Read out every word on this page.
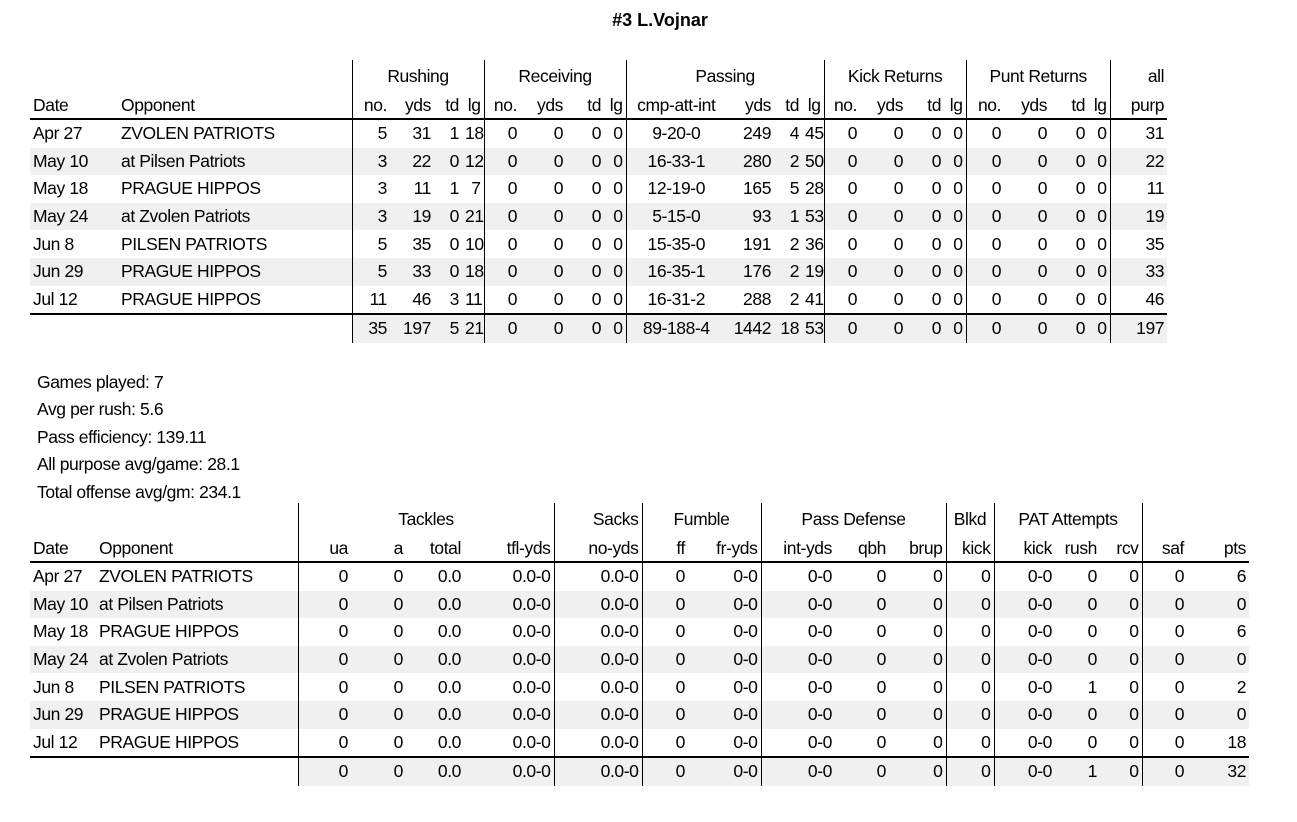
#3 L.Vojnar
		Rushing				Receiving				Passing				Kick Returns				Punt Returns				all
Date	Opponent	no.	yds	td	lg	no.	yds	td	lg	cmp-att-int	yds	td	lg	no.	yds	td	lg	no.	yds	td	lg	purp
Apr 27	ZVOLEN PATRIOTS	5	31	1	18	0	0	0	0	9-20-0	249	4	45	0	0	0	0	0	0	0	0	31
May 10	at Pilsen Patriots	3	22	0	12	0	0	0	0	16-33-1	280	2	50	0	0	0	0	0	0	0	0	22
May 18	PRAGUE HIPPOS	3	11	1	7	0	0	0	0	12-19-0	165	5	28	0	0	0	0	0	0	0	0	11
May 24	at Zvolen Patriots	3	19	0	21	0	0	0	0	5-15-0	93	1	53	0	0	0	0	0	0	0	0	19
Jun 8	PILSEN PATRIOTS	5	35	0	10	0	0	0	0	15-35-0	191	2	36	0	0	0	0	0	0	0	0	35
Jun 29	PRAGUE HIPPOS	5	33	0	18	0	0	0	0	16-35-1	176	2	19	0	0	0	0	0	0	0	0	33
Jul 12	PRAGUE HIPPOS	11	46	3	11	0	0	0	0	16-31-2	288	2	41	0	0	0	0	0	0	0	0	46
		35	197	5	21	0	0	0	0	89-188-4	1442	18	53	0	0	0	0	0	0	0	0	197
Games played: 7
Avg per rush: 5.6
Pass efficiency: 139.11
All purpose avg/game: 28.1
Total offense avg/gm: 234.1
		Tackles				Sacks	Fumble		Pass Defense			Blkd	PAT Attempts				
Date	Opponent	ua	a	total	tfl-yds	no-yds	ff	fr-yds	int-yds	qbh	brup	kick	kick	rush	rcv	saf	pts
Apr 27	ZVOLEN PATRIOTS	0	0	0.0	0.0-0	0.0-0	0	0-0	0-0	0	0	0	0-0	0	0	0	6
May 10	at Pilsen Patriots	0	0	0.0	0.0-0	0.0-0	0	0-0	0-0	0	0	0	0-0	0	0	0	0
May 18	PRAGUE HIPPOS	0	0	0.0	0.0-0	0.0-0	0	0-0	0-0	0	0	0	0-0	0	0	0	6
May 24	at Zvolen Patriots	0	0	0.0	0.0-0	0.0-0	0	0-0	0-0	0	0	0	0-0	0	0	0	0
Jun 8	PILSEN PATRIOTS	0	0	0.0	0.0-0	0.0-0	0	0-0	0-0	0	0	0	0-0	1	0	0	2
Jun 29	PRAGUE HIPPOS	0	0	0.0	0.0-0	0.0-0	0	0-0	0-0	0	0	0	0-0	0	0	0	0
Jul 12	PRAGUE HIPPOS	0	0	0.0	0.0-0	0.0-0	0	0-0	0-0	0	0	0	0-0	0	0	0	18
		0	0	0.0	0.0-0	0.0-0	0	0-0	0-0	0	0	0	0-0	1	0	0	32
